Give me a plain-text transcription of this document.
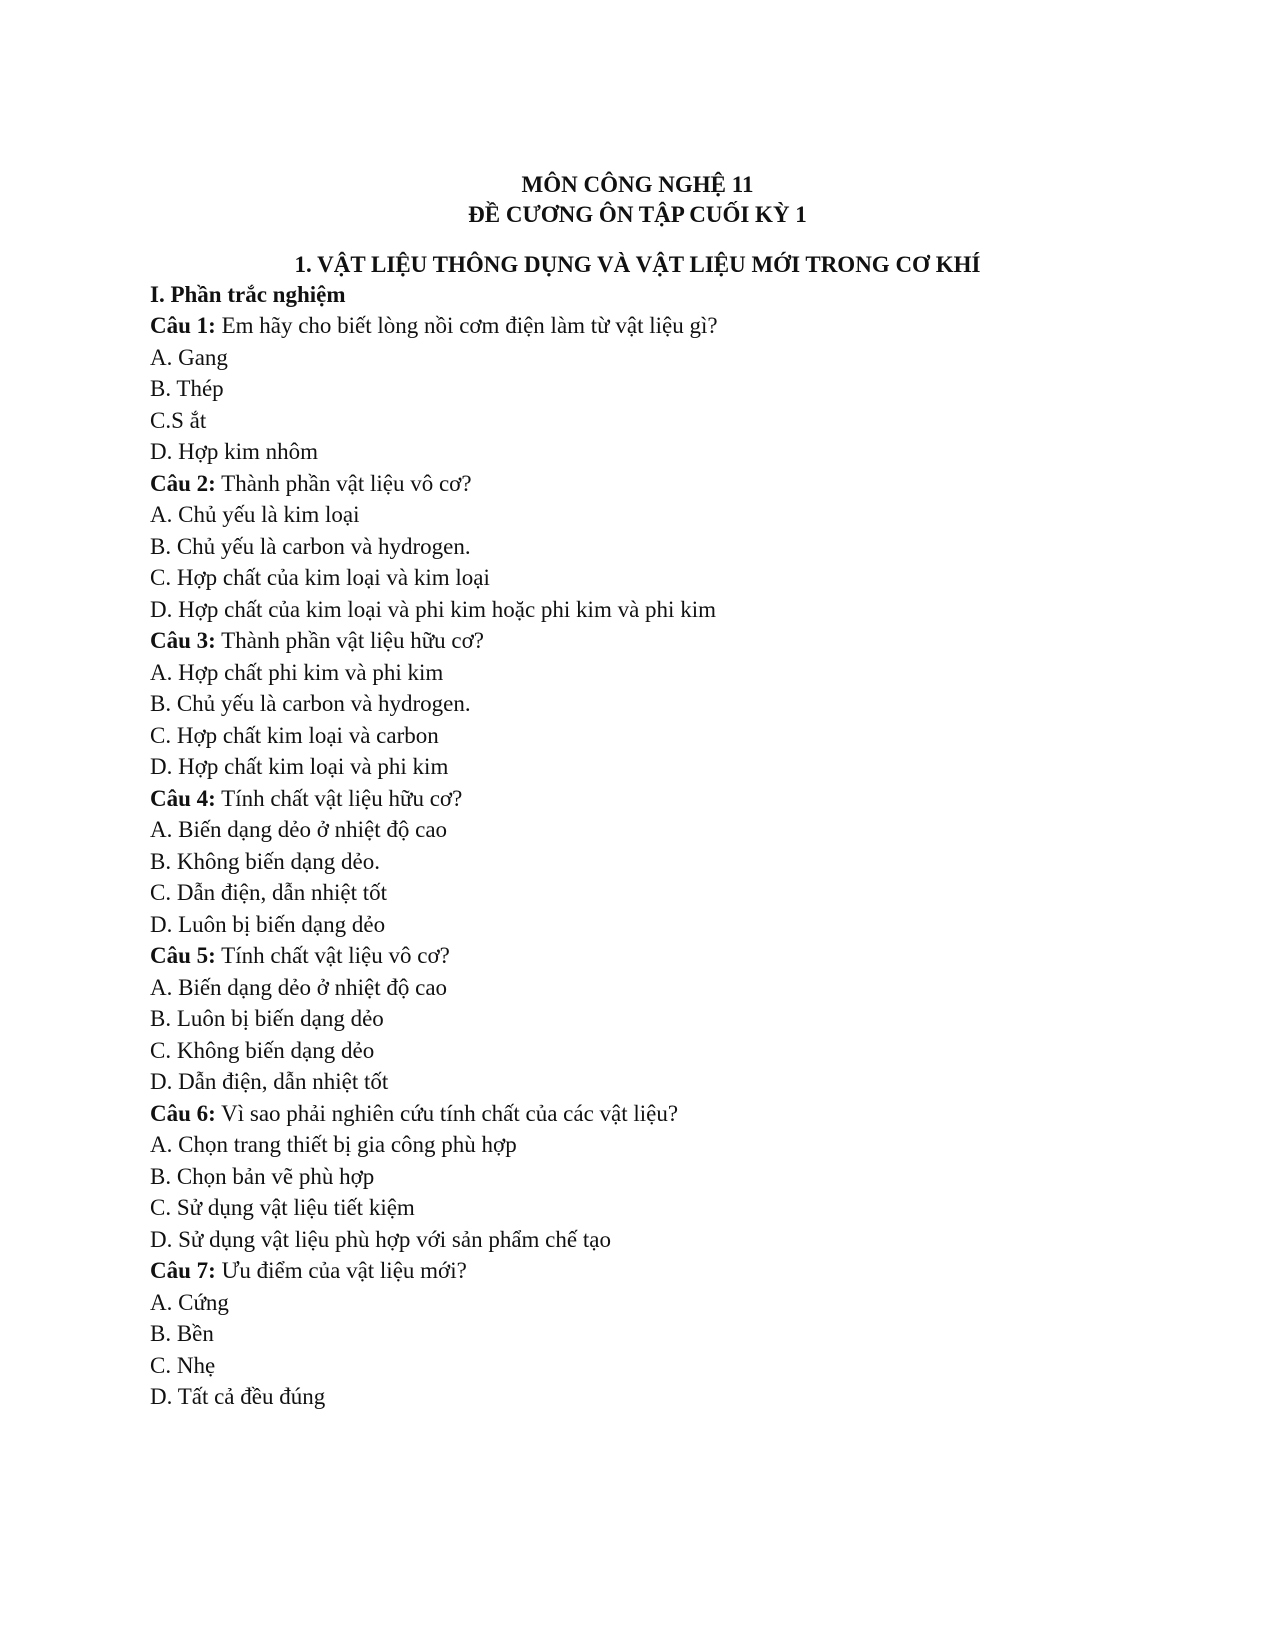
MÔN CÔNG NGHỆ 11
ĐỀ CƯƠNG ÔN TẬP CUỐI KỲ 1
1. VẬT LIỆU THÔNG DỤNG VÀ VẬT LIỆU MỚI TRONG CƠ KHÍ
I. Phần trắc nghiệm
Câu 1: Em hãy cho biết lòng nồi cơm điện làm từ vật liệu gì?
A. Gang
B. Thép
C.S ắt
D. Hợp kim nhôm
Câu 2: Thành phần vật liệu vô cơ?
A. Chủ yếu là kim loại
B. Chủ yếu là carbon và hydrogen.
C. Hợp chất của kim loại và kim loại
D. Hợp chất của kim loại và phi kim hoặc phi kim và phi kim
Câu 3: Thành phần vật liệu hữu cơ?
A. Hợp chất phi kim và phi kim
B. Chủ yếu là carbon và hydrogen.
C. Hợp chất kim loại và carbon
D. Hợp chất kim loại và phi kim
Câu 4: Tính chất vật liệu hữu cơ?
A. Biến dạng dẻo ở nhiệt độ cao
B. Không biến dạng dẻo.
C. Dẫn điện, dẫn nhiệt tốt
D. Luôn bị biến dạng dẻo
Câu 5: Tính chất vật liệu vô cơ?
A. Biến dạng dẻo ở nhiệt độ cao
B. Luôn bị biến dạng dẻo
C. Không biến dạng dẻo
D. Dẫn điện, dẫn nhiệt tốt
Câu 6: Vì sao phải nghiên cứu tính chất của các vật liệu?
A. Chọn trang thiết bị gia công phù hợp
B. Chọn bản vẽ phù hợp
C. Sử dụng vật liệu tiết kiệm
D. Sử dụng vật liệu phù hợp với sản phẩm chế tạo
Câu 7: Ưu điểm của vật liệu mới?
A. Cứng
B. Bền
C. Nhẹ
D. Tất cả đều đúng
